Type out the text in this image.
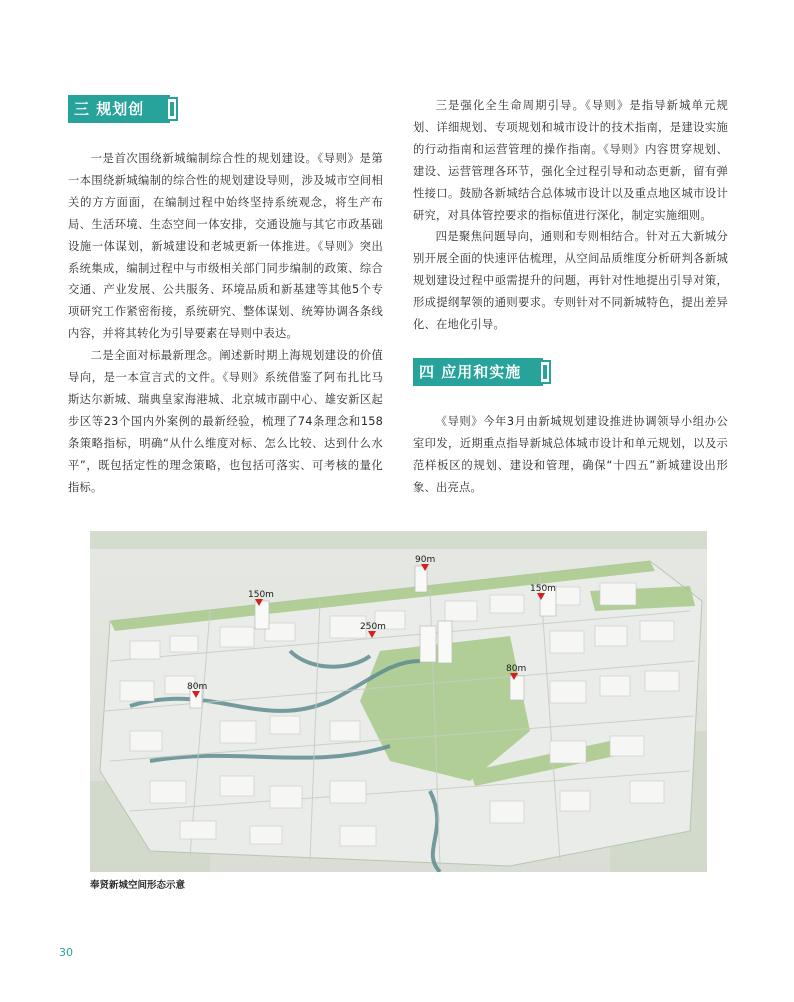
三 规划创新

一是首次围绕新城编制综合性的规划建设。《导则》是第一本围绕新城编制的综合性的规划建设导则，涉及城市空间相关的方方面面，在编制过程中始终坚持系统观念，将生产布局、生活环境、生态空间一体安排，交通设施与其它市政基础设施一体谋划，新城建设和老城更新一体推进。《导则》突出系统集成，编制过程中与市级相关部门同步编制的政策、综合交通、产业发展、公共服务、环境品质和新基建等其他5个专项研究工作紧密衔接，系统研究、整体谋划、统筹协调各条线内容，并将其转化为引导要素在导则中表达。

二是全面对标最新理念。阐述新时期上海规划建设的价值导向，是一本宣言式的文件。《导则》系统借鉴了阿布扎比马斯达尔新城、瑞典皇家海港城、北京城市副中心、雄安新区起步区等23个国内外案例的最新经验，梳理了74条理念和158条策略指标，明确“从什么维度对标、怎么比较、达到什么水平”，既包括定性的理念策略，也包括可落实、可考核的量化指标。

三是强化全生命周期引导。《导则》是指导新城单元规划、详细规划、专项规划和城市设计的技术指南，是建设实施的行动指南和运营管理的操作指南。《导则》内容贯穿规划、建设、运营管理各环节，强化全过程引导和动态更新，留有弹性接口。鼓励各新城结合总体城市设计以及重点地区城市设计研究，对具体管控要求的指标值进行深化，制定实施细则。

四是聚焦问题导向，通则和专则相结合。针对五大新城分别开展全面的快速评估梳理，从空间品质维度分析研判各新城规划建设过程中亟需提升的问题，再针对性地提出引导对策，形成提纲挈领的通则要求。专则针对不同新城特色，提出差异化、在地化引导。

四 应用和实施情况

《导则》今年3月由新城规划建设推进协调领导小组办公室印发，近期重点指导新城总体城市设计和单元规划，以及示范样板区的规划、建设和管理，确保“十四五”新城建设出形象、出亮点。

90m
150m
150m
250m
80m
80m
奉贤新城空间形态示意
30
